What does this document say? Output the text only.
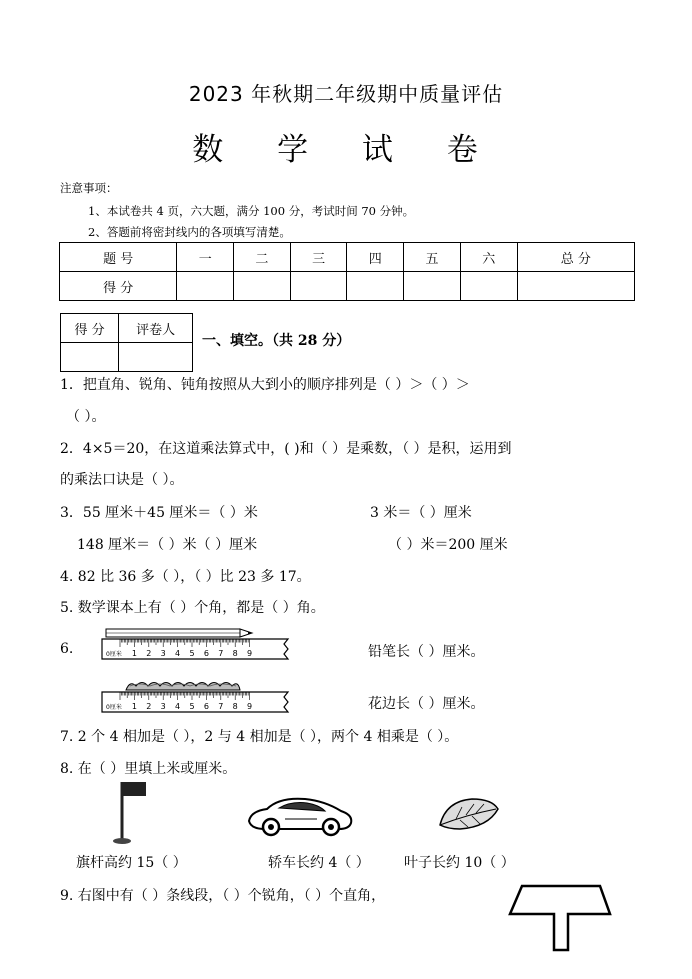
2023 年秋期二年级期中质量评估
数 学 试 卷
注意事项：
1、本试卷共 4 页，六大题，满分 100 分，考试时间 70 分钟。
2、答题前将密封线内的各项填写清楚。
题 号	一	二	三	四	五	六	总 分
得 分							
得 分	评卷人

一、填空。（共 28 分）
1．把直角、锐角、钝角按照从大到小的顺序排列是（ ）＞（ ）＞
（ ）。
2．4×5＝20，在这道乘法算式中，( )和（ ）是乘数，（ ）是积，运用到
的乘法口诀是（ ）。
3．55 厘米＋45 厘米＝（ ）米	3 米＝（ ）厘米
148 厘米＝（ ）米（ ）厘米	（ ）米＝200 厘米
4. 82 比 36 多（ ），（ ）比 23 多 17。
5. 数学课本上有（ ）个角，都是（ ）角。
6.	0厘米 1 2 3 4 5 6 7 8 9	铅笔长（ ）厘米。
0厘米 1 2 3 4 5 6 7 8 9	花边长（ ）厘米。
7. 2 个 4 相加是（ ），2 与 4 相加是（ ），两个 4 相乘是（ ）。
8. 在（ ）里填上米或厘米。
旗杆高约 15（ ）	轿车长约 4（ ） 叶子长约 10（ ）
9. 右图中有（ ）条线段，（ ）个锐角，（ ）个直角，
